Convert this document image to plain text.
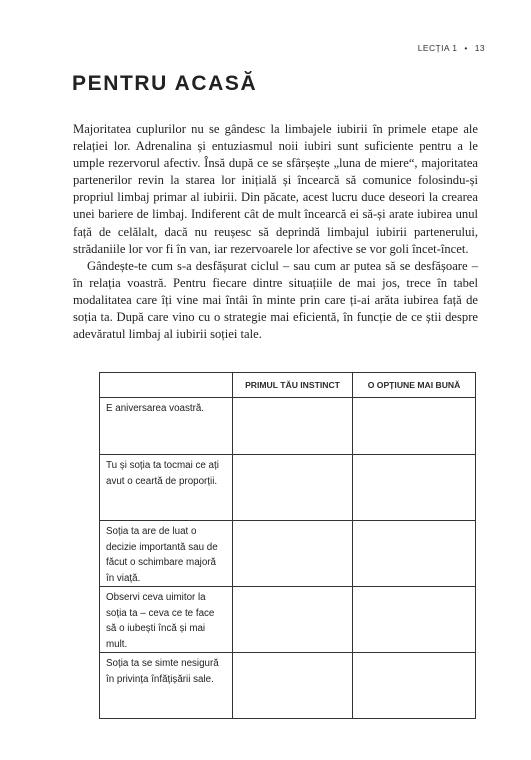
LECȚIA 1 • 13
PENTRU ACASĂ

Majoritatea cuplurilor nu se gândesc la limbajele iubirii în primele etape ale relației lor. Adrenalina și entuziasmul noii iubiri sunt suficiente pentru a le umple rezervorul afectiv. Însă după ce se sfârșește „luna de miere“, majoritatea partenerilor revin la starea lor inițială și încearcă să comunice folosindu-și propriul limbaj primar al iubirii. Din păcate, acest lucru duce deseori la crearea unei bariere de limbaj. Indiferent cât de mult încearcă ei să-și arate iubirea unul față de celălalt, dacă nu reușesc să deprindă limbajul iubirii partenerului, strădaniile lor vor fi în van, iar rezervoarele lor afective se vor goli încet-încet.

Gândește-te cum s-a desfășurat ciclul – sau cum ar putea să se desfășoare – în relația voastră. Pentru fiecare dintre situațiile de mai jos, trece în tabel modalitatea care îți vine mai întâi în minte prin care ți-ai arăta iubirea față de soția ta. După care vino cu o strategie mai eficientă, în funcție de ce știi despre adevăratul limbaj al iubirii soției tale.

	PRIMUL TĂU INSTINCT	O OPȚIUNE MAI BUNĂ
E aniversarea voastră.		
Tu și soția ta tocmai ce ați avut o ceartă de proporții.		
Soția ta are de luat o decizie importantă sau de făcut o schimbare majoră în viață.		
Observi ceva uimitor la soția ta – ceva ce te face să o iubești încă și mai mult.		
Soția ta se simte nesigură în privința înfățișării sale.		
